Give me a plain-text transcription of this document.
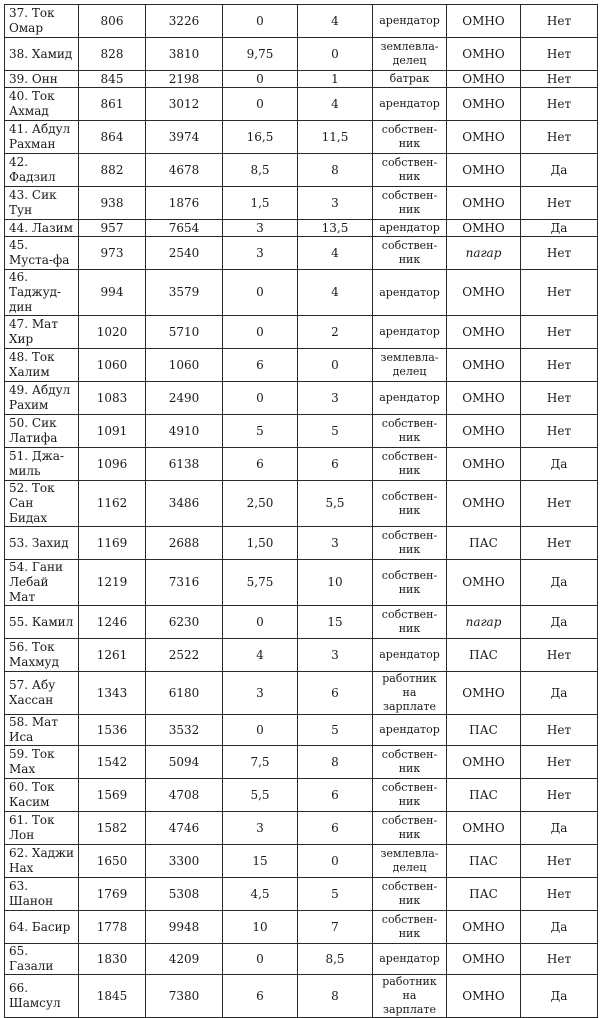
37. Ток Омар	806	3226	0	4	арендатор	ОМНО	Нет
38. Хамид	828	3810	9,75	0	землевла-делец	ОМНО	Нет
39. Онн	845	2198	0	1	батрак	ОМНО	Нет
40. Ток Ахмад	861	3012	0	4	арендатор	ОМНО	Нет
41. Абдул Рахман	864	3974	16,5	11,5	собствен-ник	ОМНО	Нет
42. Фадзил	882	4678	8,5	8	собствен-ник	ОМНО	Да
43. Сик Тун	938	1876	1,5	3	собствен-ник	ОМНО	Нет
44. Лазим	957	7654	3	13,5	арендатор	ОМНО	Да
45. Муста-фа	973	2540	3	4	собствен-ник	пагар	Нет
46. Таджуд-дин	994	3579	0	4	арендатор	ОМНО	Нет
47. Мат Хир	1020	5710	0	2	арендатор	ОМНО	Нет
48. Ток Халим	1060	1060	6	0	землевла-делец	ОМНО	Нет
49. Абдул Рахим	1083	2490	0	3	арендатор	ОМНО	Нет
50. Сик Латифа	1091	4910	5	5	собствен-ник	ОМНО	Нет
51. Джа-миль	1096	6138	6	6	собствен-ник	ОМНО	Да
52. Ток Сан Бидах	1162	3486	2,50	5,5	собствен-ник	ОМНО	Нет
53. Захид	1169	2688	1,50	3	собствен-ник	ПАС	Нет
54. Гани Лебай Мат	1219	7316	5,75	10	собствен-ник	ОМНО	Да
55. Камил	1246	6230	0	15	собствен-ник	пагар	Да
56. Ток Махмуд	1261	2522	4	3	арендатор	ПАС	Нет
57. Абу Хассан	1343	6180	3	6	работник на зарплате	ОМНО	Да
58. Мат Иса	1536	3532	0	5	арендатор	ПАС	Нет
59. Ток Мах	1542	5094	7,5	8	собствен-ник	ОМНО	Нет
60. Ток Касим	1569	4708	5,5	6	собствен-ник	ПАС	Нет
61. Ток Лон	1582	4746	3	6	собствен-ник	ОМНО	Да
62. Хаджи Нах	1650	3300	15	0	землевла-делец	ПАС	Нет
63. Шанон	1769	5308	4,5	5	собствен-ник	ПАС	Нет
64. Басир	1778	9948	10	7	собствен-ник	ОМНО	Да
65. Газали	1830	4209	0	8,5	арендатор	ОМНО	Нет
66. Шамсул	1845	7380	6	8	работник на зарплате	ОМНО	Да
